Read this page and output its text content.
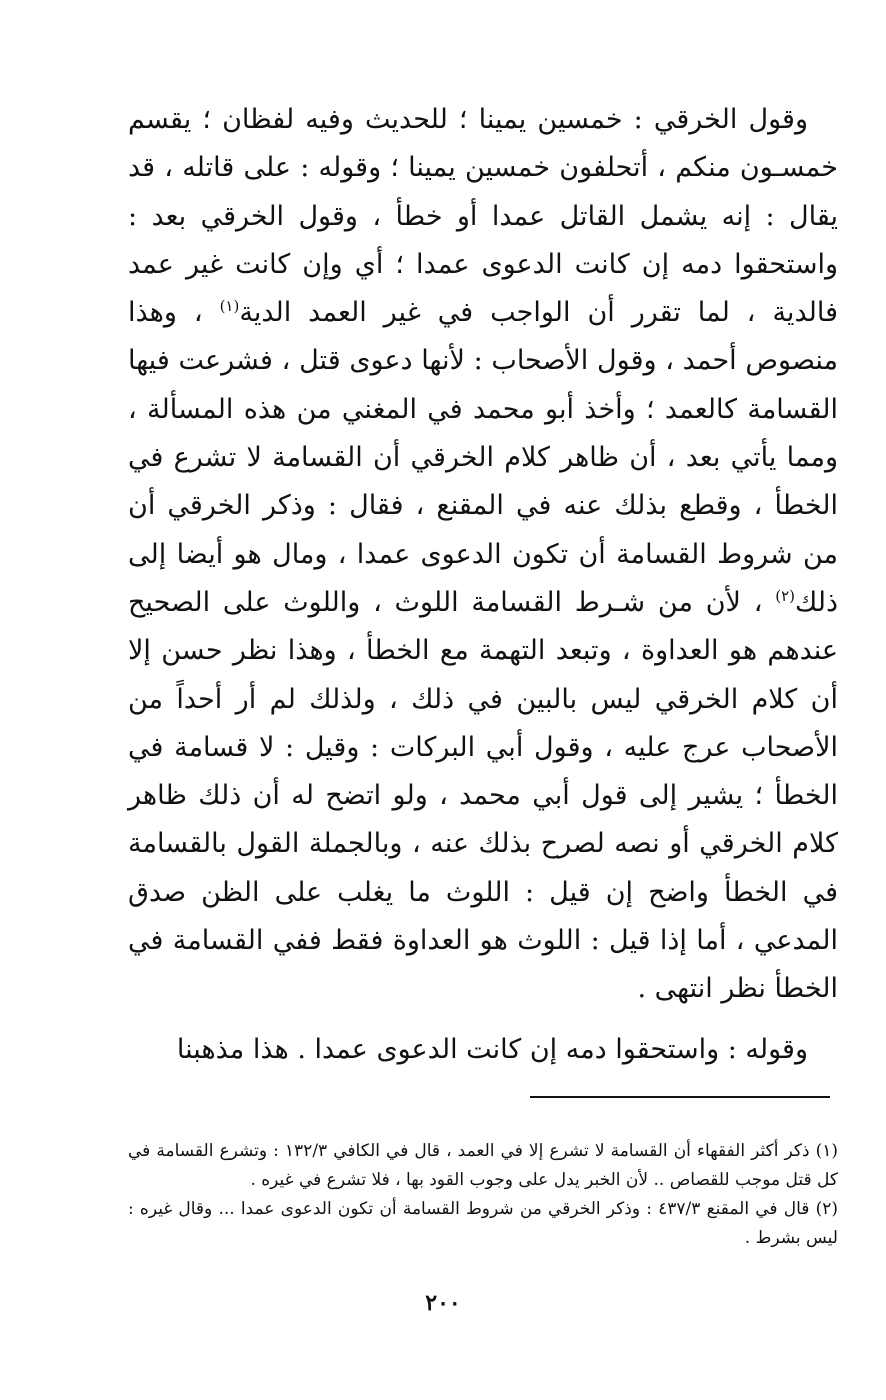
وقول الخرقي : خمسين يمينا ؛ للحديث وفيه لفظان ؛ يقسم خمسـون منكم ، أتحلفون خمسين يمينا ؛ وقوله : على قاتله ، قد يقال : إنه يشمل القاتل عمدا أو خطأ ، وقول الخرقي بعد : واستحقوا دمه إن كانت الدعوى عمدا ؛ أي وإن كانت غير عمد فالدية ، لما تقرر أن الواجب في غير العمد الدية$^{(١)}$ ، وهذا منصوص أحمد ، وقول الأصحاب : لأنها دعوى قتل ، فشرعت فيها القسامة كالعمد ؛ وأخذ أبو محمد في المغني من هذه المسألة ، ومما يأتي بعد ، أن ظاهر كلام الخرقي أن القسامة لا تشرع في الخطأ ، وقطع بذلك عنه في المقنع ، فقال : وذكر الخرقي أن من شروط القسامة أن تكون الدعوى عمدا ، ومال هو أيضا إلى ذلك$^{(٢)}$ ، لأن من شـرط القسامة اللوث ، واللوث على الصحيح عندهم هو العداوة ، وتبعد التهمة مع الخطأ ، وهذا نظر حسن إلا أن كلام الخرقي ليس بالبين في ذلك ، ولذلك لم أر أحداً من الأصحاب عرج عليه ، وقول أبي البركات : وقيل : لا قسامة في الخطأ ؛ يشير إلى قول أبي محمد ، ولو اتضح له أن ذلك ظاهر كلام الخرقي أو نصه لصرح بذلك عنه ، وبالجملة القول بالقسامة في الخطأ واضح إن قيل : اللوث ما يغلب على الظن صدق المدعي ، أما إذا قيل : اللوث هو العداوة فقط ففي القسامة في الخطأ نظر انتهى .

وقوله : واستحقوا دمه إن كانت الدعوى عمدا . هذا مذهبنا

(١) ذكر أكثر الفقهاء أن القسامة لا تشرع إلا في العمد ، قال في الكافي ١٣٢/٣ : وتشرع القسامة في كل قتل موجب للقصاص .. لأن الخبر يدل على وجوب القود بها ، فلا تشرع في غيره .

(٢) قال في المقنع ٤٣٧/٣ : وذكر الخرقي من شروط القسامة أن تكون الدعوى عمدا ... وقال غيره : ليس بشرط .

٢٠٠
